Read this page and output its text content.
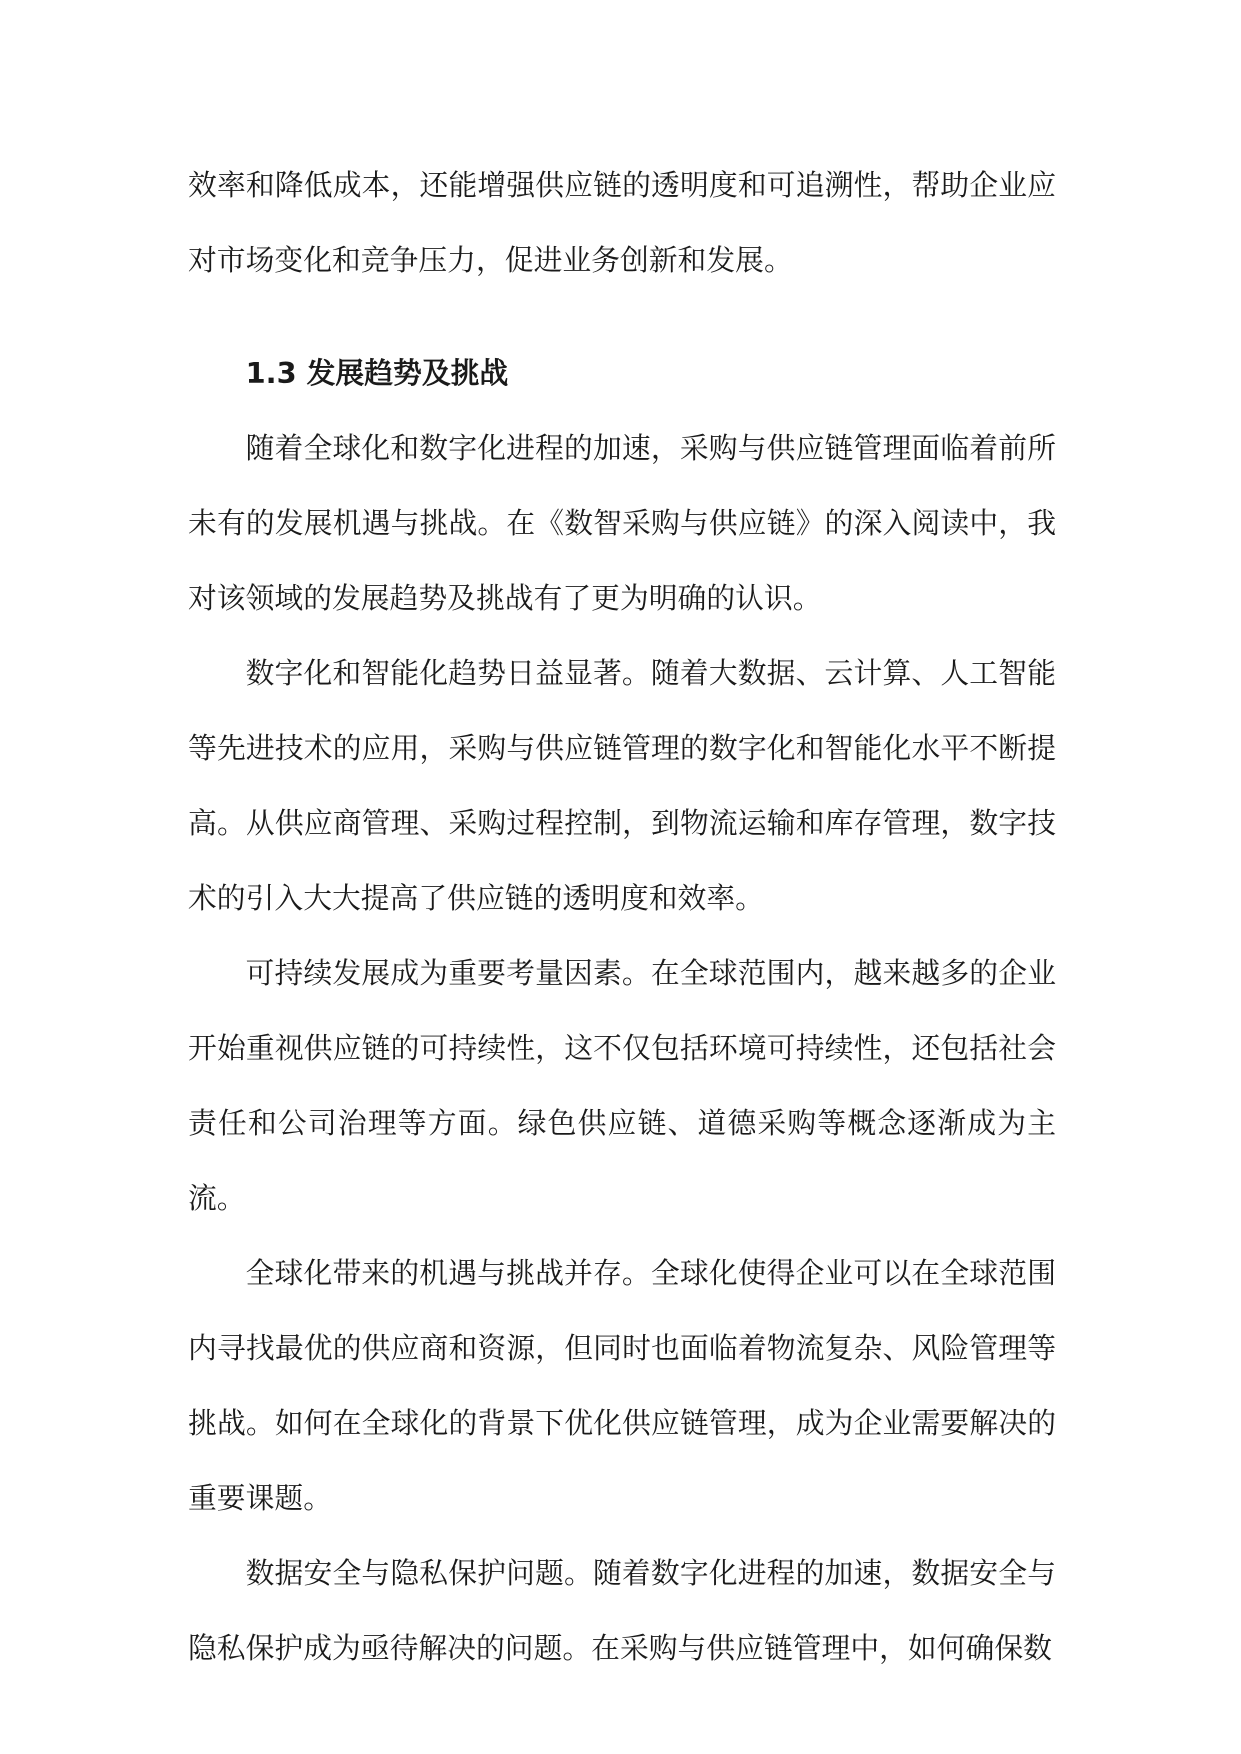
效率和降低成本，还能增强供应链的透明度和可追溯性，帮助企业应对市场变化和竞争压力，促进业务创新和发展。

1.3 发展趋势及挑战

随着全球化和数字化进程的加速，采购与供应链管理面临着前所未有的发展机遇与挑战。在《数智采购与供应链》的深入阅读中，我对该领域的发展趋势及挑战有了更为明确的认识。

数字化和智能化趋势日益显著。随着大数据、云计算、人工智能等先进技术的应用，采购与供应链管理的数字化和智能化水平不断提高。从供应商管理、采购过程控制，到物流运输和库存管理，数字技术的引入大大提高了供应链的透明度和效率。

可持续发展成为重要考量因素。在全球范围内，越来越多的企业开始重视供应链的可持续性，这不仅包括环境可持续性，还包括社会责任和公司治理等方面。绿色供应链、道德采购等概念逐渐成为主流。

全球化带来的机遇与挑战并存。全球化使得企业可以在全球范围内寻找最优的供应商和资源，但同时也面临着物流复杂、风险管理等挑战。如何在全球化的背景下优化供应链管理，成为企业需要解决的重要课题。

数据安全与隐私保护问题。随着数字化进程的加速，数据安全与隐私保护成为亟待解决的问题。在采购与供应链管理中，如何确保数
